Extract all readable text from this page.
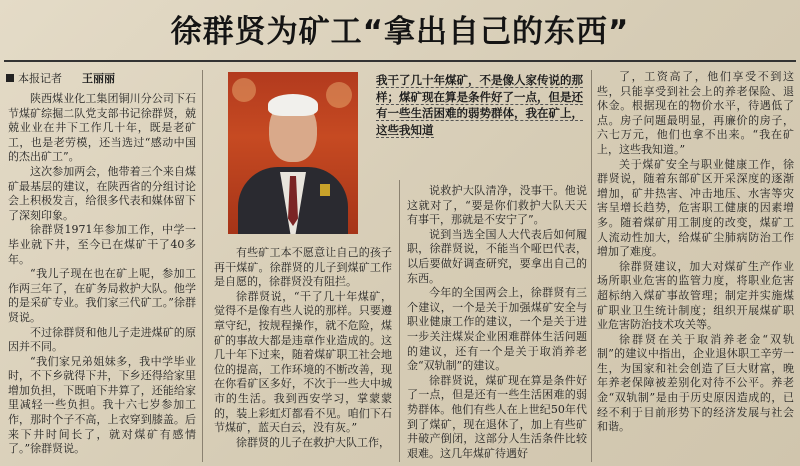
徐群贤为矿工“拿出自己的东西”
本报记者 王丽丽

陕西煤业化工集团铜川分公司下石节煤矿综掘二队党支部书记徐群贤，兢兢业业在井下工作几十年，既是老矿工，也是老劳模，还当选过“感动中国的杰出矿工”。

这次参加两会，他带着三个来自煤矿最基层的建议，在陕西省的分组讨论会上积极发言，给很多代表和媒体留下了深刻印象。

徐群贤1971年参加工作，中学一毕业就下井，至今已在煤矿干了40多年。

“我儿子现在也在矿上呢，参加工作两三年了，在矿务局救护大队。他学的是采矿专业。我们家三代矿工。”徐群贤说。

不过徐群贤和他儿子走进煤矿的原因并不同。

“我们家兄弟姐妹多，我中学毕业时，不下乡就得下井，下乡还得给家里增加负担，下既咱下井算了，还能给家里减轻一些负担。我十六七岁参加工作，那时个子不高，上衣穿到膝盖。后来下井时间长了，就对煤矿有感情了。”徐群贤说。

我干了几十年煤矿，不是像人家传说的那样；煤矿现在算是条件好了一点，但是还有一些生活困难的弱势群体，我在矿上，这些我知道

有些矿工本不愿意让自己的孩子再干煤矿。徐群贤的儿子到煤矿工作是自愿的，徐群贤没有阻拦。

徐群贤说，“干了几十年煤矿，觉得不是像有些人说的那样。只要遵章守纪，按规程操作，就不危险，煤矿的事故大都是违章作业造成的。这几十年下过来，随着煤矿职工社会地位的提高，工作环境的不断改善，现在你看矿区多好，不次于一些大中城市的生活。我到西安学习，掌蒙蒙的，装上彩虹灯都看不见。咱们下石节煤矿，蓝天白云，没有灰。”

徐群贤的儿子在救护大队工作，

说救护大队清净，没事干。他说这就对了，“要是你们救护大队天天有事干，那就是不安宁了”。

说到当选全国人大代表后如何履职，徐群贤说，不能当个哑巴代表，以后要做好调查研究，要拿出自己的东西。

今年的全国两会上，徐群贤有三个建议，一个是关于加强煤矿安全与职业健康工作的建议，一个是关于进一步关注煤炭企业困难群体生活问题的建议，还有一个是关于取消养老金“双轨制”的建议。

徐群贤说，煤矿现在算是条件好了一点，但是还有一些生活困难的弱势群体。他们有些人在上世纪50年代到了煤矿，现在退休了，加上有些矿井破产倒闭，这部分人生活条件比较艰难。这几年煤矿待遇好

了，工资高了，他们享受不到这些，只能享受到社会上的养老保险、退休金。根据现在的物价水平，待遇低了点。房子问题最明显，再廉价的房子，六七万元，他们也拿不出来。“我在矿上，这些我知道。”

关于煤矿安全与职业健康工作，徐群贤说，随着东部矿区开采深度的逐渐增加，矿井热害、冲击地压、水害等灾害呈增长趋势，危害职工健康的因素增多。随着煤矿用工制度的改变，煤矿工人流动性加大，给煤矿尘肺病防治工作增加了难度。

徐群贤建议，加大对煤矿生产作业场所职业危害的监管力度，将职业危害超标纳入煤矿事故管理；制定并实施煤矿职业卫生统计制度；组织开展煤矿职业危害防治技术攻关等。

徐群贤在关于取消养老金“双轨制”的建议中指出，企业退休职工辛劳一生，为国家和社会创造了巨大财富，晚年养老保障被差别化对待不公平。养老金“双轨制”是由于历史原因造成的，已经不利于目前形势下的经济发展与社会和谐。
